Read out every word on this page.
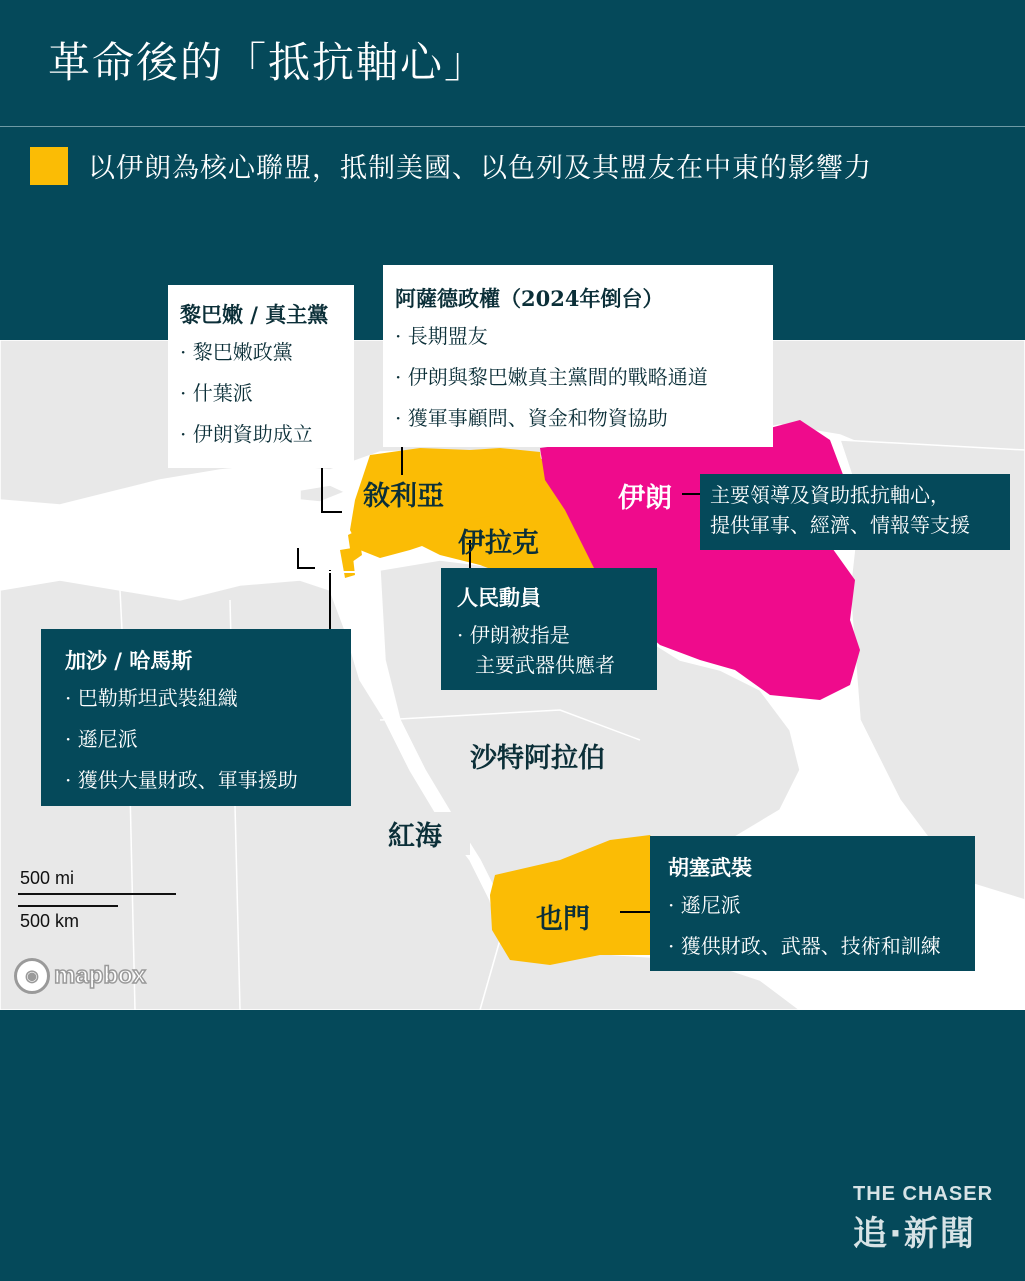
革命後的「抵抗軸心」
以伊朗為核心聯盟，抵制美國、以色列及其盟友在中東的影響力
敘利亞
伊拉克
伊朗
沙特阿拉伯
紅海
也門
500 mi
500 km
◉ mapbox
黎巴嫩 / 真主黨
· 黎巴嫩政黨
· 什葉派
· 伊朗資助成立
阿薩德政權（2024年倒台）
· 長期盟友
· 伊朗與黎巴嫩真主黨間的戰略通道
· 獲軍事顧問、資金和物資協助
主要領導及資助抵抗軸心，
提供軍事、經濟、情報等支援
人民動員
· 伊朗被指是
主要武器供應者
加沙 / 哈馬斯
· 巴勒斯坦武裝組織
· 遜尼派
· 獲供大量財政、軍事援助
胡塞武裝
· 遜尼派
· 獲供財政、武器、技術和訓練
THE CHASER
追·新聞
